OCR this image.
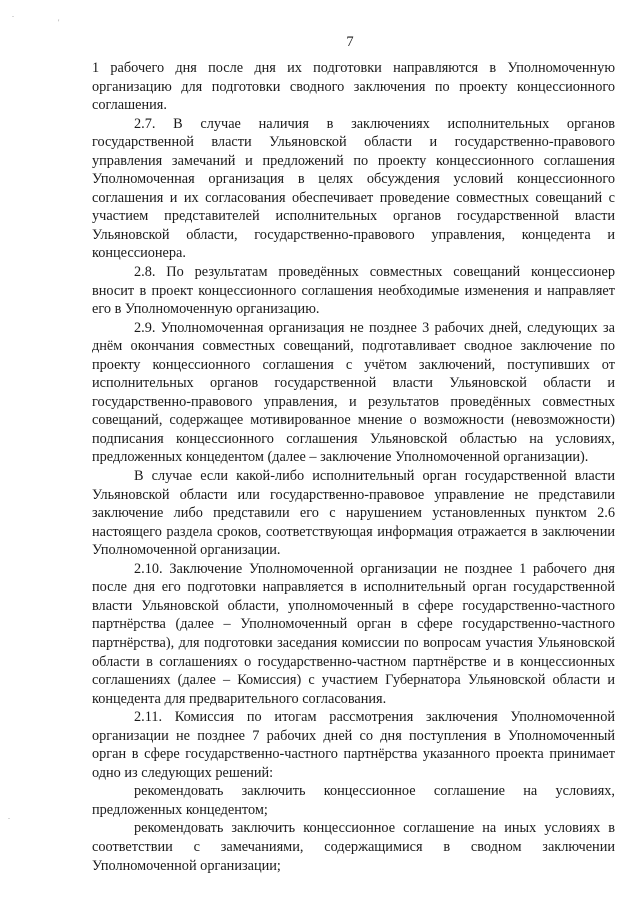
7
.
'
.

1 рабочего дня после дня их подготовки направляются в Уполномоченную организацию для подготовки сводного заключения по проекту концессионного соглашения.

2.7. В случае наличия в заключениях исполнительных органов государственной власти Ульяновской области и государственно-правового управления замечаний и предложений по проекту концессионного соглашения Уполномоченная организация в целях обсуждения условий концессионного соглашения и их согласования обеспечивает проведение совместных совещаний с участием представителей исполнительных органов государственной власти Ульяновской области, государственно-правового управления, концедента и концессионера.

2.8. По результатам проведённых совместных совещаний концессионер вносит в проект концессионного соглашения необходимые изменения и направляет его в Уполномоченную организацию.

2.9. Уполномоченная организация не позднее 3 рабочих дней, следующих за днём окончания совместных совещаний, подготавливает сводное заключение по проекту концессионного соглашения с учётом заключений, поступивших от исполнительных органов государственной власти Ульяновской области и государственно-правового управления, и результатов проведённых совместных совещаний, содержащее мотивированное мнение о возможности (невозможности) подписания концессионного соглашения Ульяновской областью на условиях, предложенных концедентом (далее – заключение Уполномоченной организации).

В случае если какой-либо исполнительный орган государственной власти Ульяновской области или государственно-правовое управление не представили заключение либо представили его с нарушением установленных пунктом 2.6 настоящего раздела сроков, соответствующая информация отражается в заключении Уполномоченной организации.

2.10. Заключение Уполномоченной организации не позднее 1 рабочего дня после дня его подготовки направляется в исполнительный орган государственной власти Ульяновской области, уполномоченный в сфере государственно-частного партнёрства (далее – Уполномоченный орган в сфере государственно-частного партнёрства), для подготовки заседания комиссии по вопросам участия Ульяновской области в соглашениях о государственно-частном партнёрстве и в концессионных соглашениях (далее – Комиссия) с участием Губернатора Ульяновской области и концедента для предварительного согласования.

2.11. Комиссия по итогам рассмотрения заключения Уполномоченной организации не позднее 7 рабочих дней со дня поступления в Уполномоченный орган в сфере государственно-частного партнёрства указанного проекта принимает одно из следующих решений:

рекомендовать заключить концессионное соглашение на условиях, предложенных концедентом;

рекомендовать заключить концессионное соглашение на иных условиях в соответствии с замечаниями, содержащимися в сводном заключении Уполномоченной организации;
